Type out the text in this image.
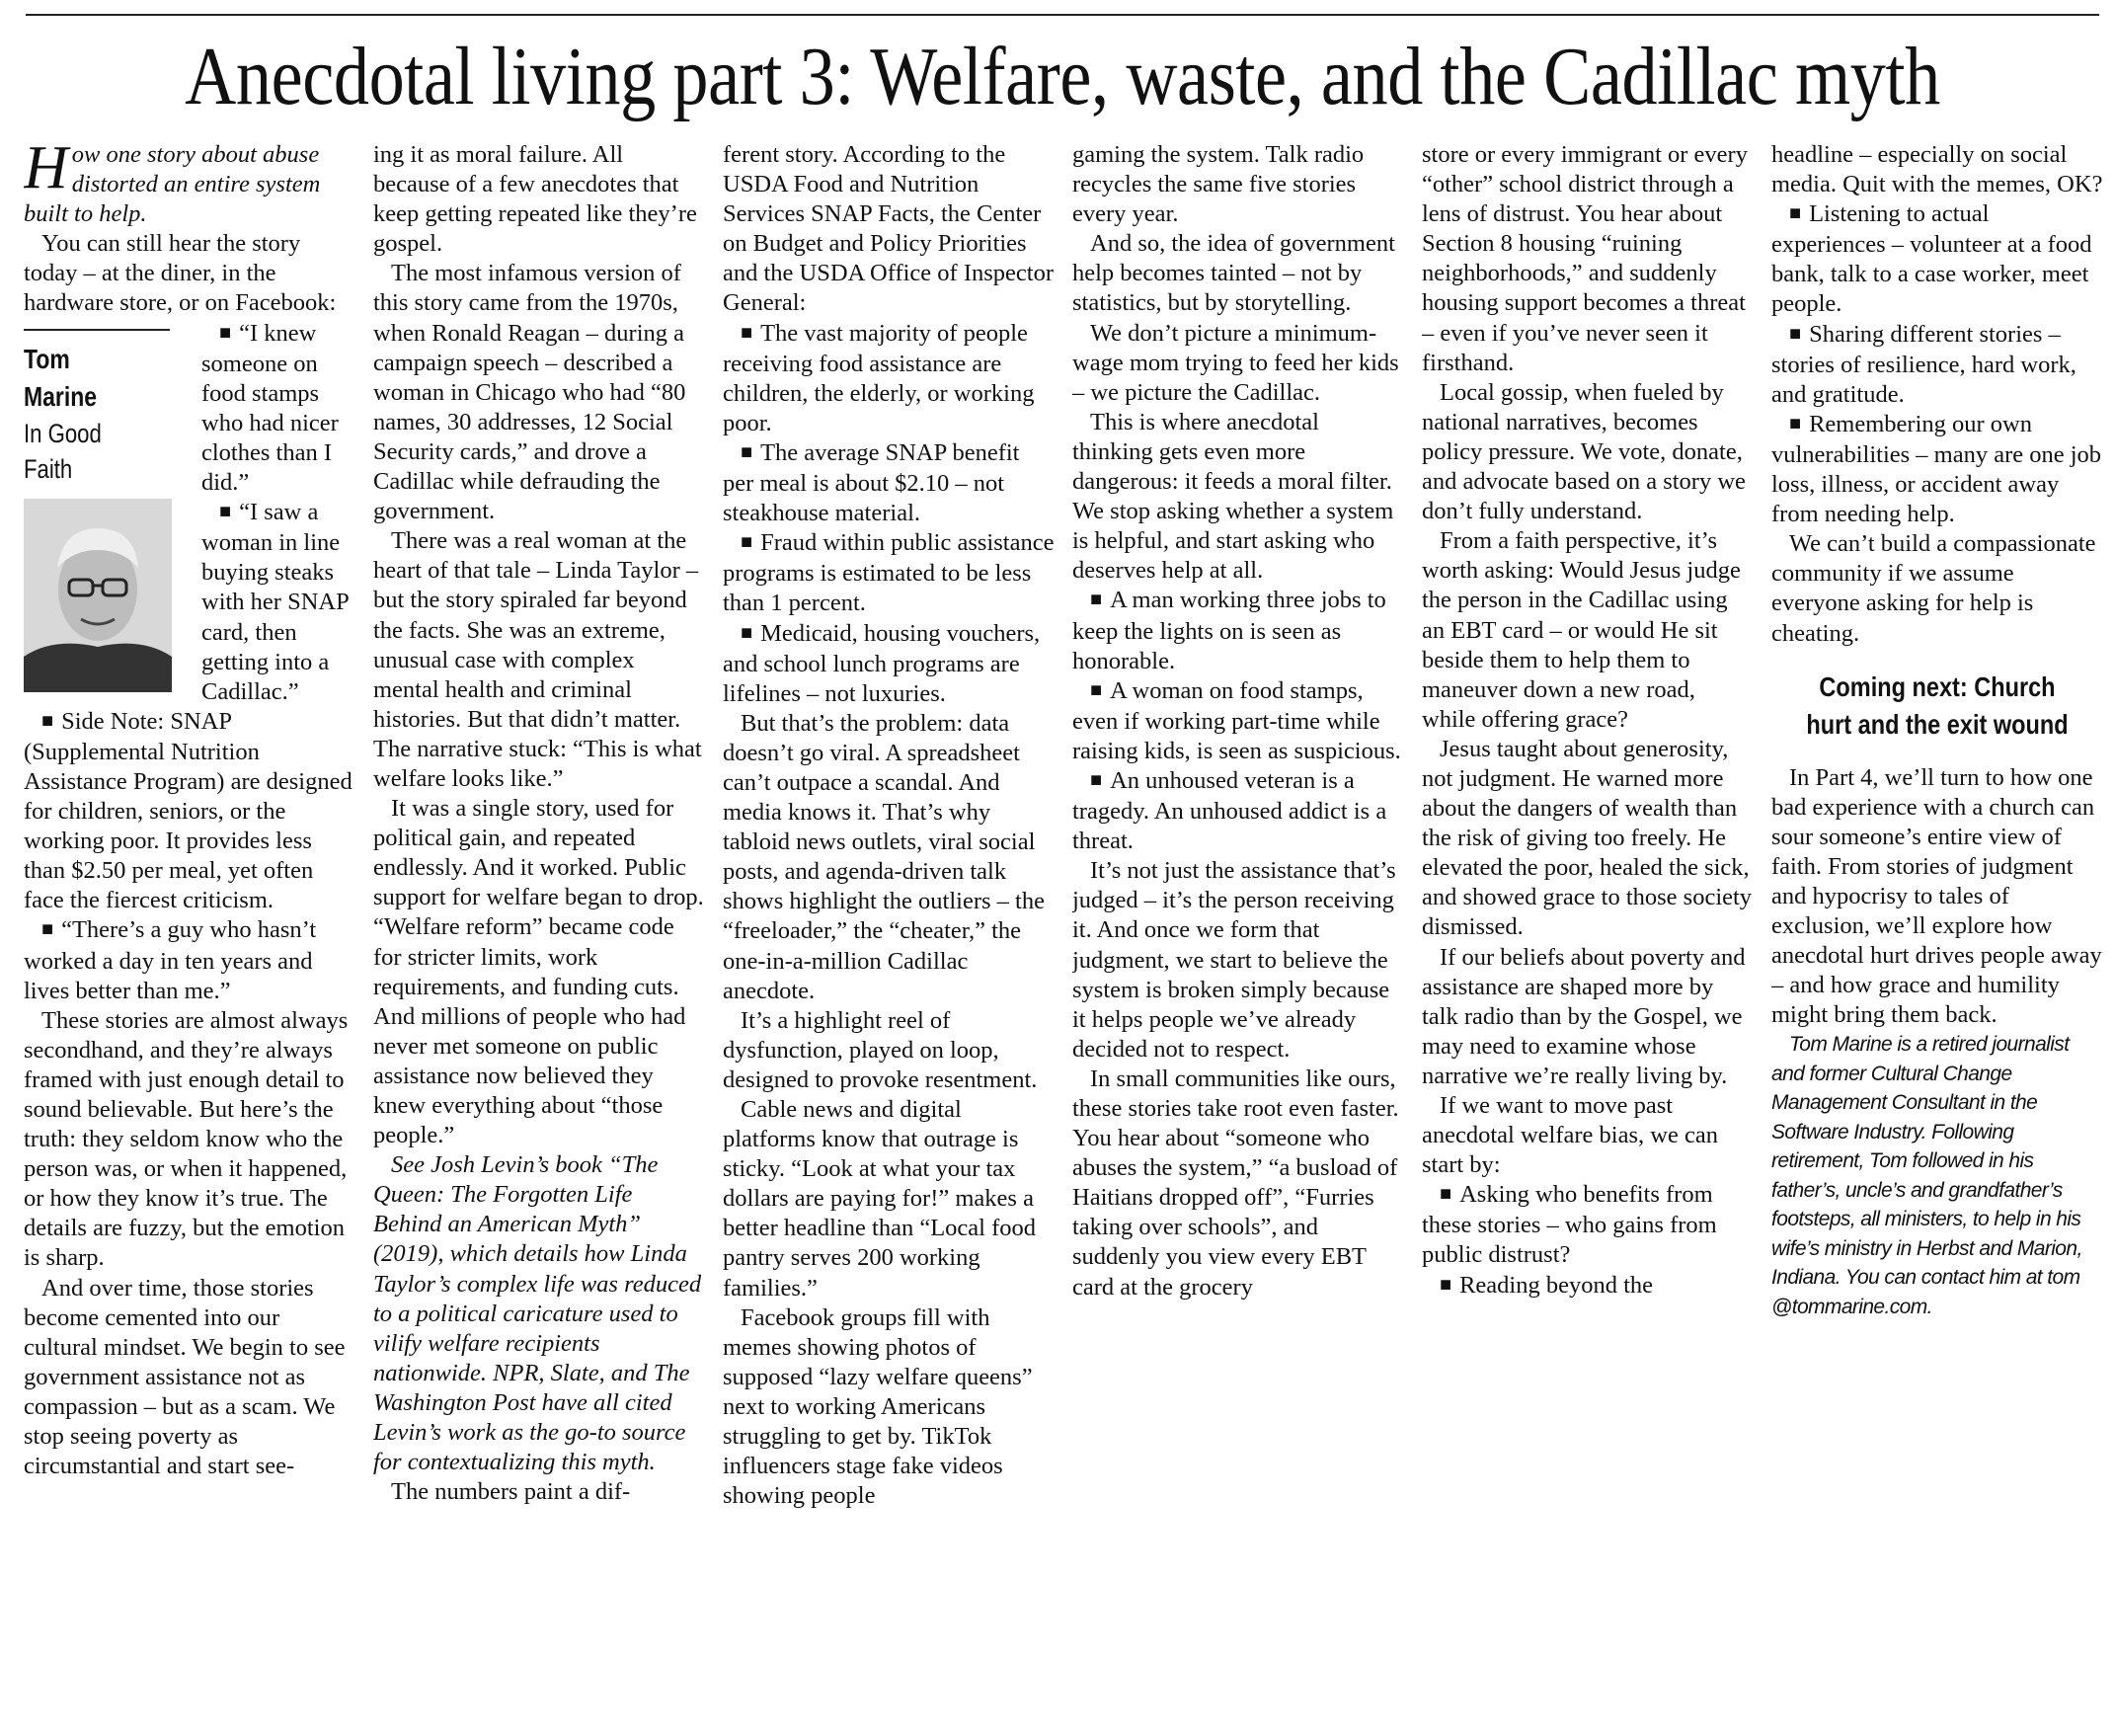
Anecdotal living part 3: Welfare, waste, and the Cadillac myth

How one story about abuse distorted an entire system built to help.

You can still hear the story today – at the diner, in the hardware store, or on Facebook:

Tom
Marine
In Good
Faith

■ “I knew someone on food stamps who had nicer clothes than I did.”

■ “I saw a woman in line buying steaks with her SNAP card, then getting into a Cadillac.”

■ Side Note: SNAP (Supplemental Nutrition Assistance Program) are designed for children, seniors, or the working poor. It provides less than $2.50 per meal, yet often face the fiercest criticism.

■ “There’s a guy who hasn’t worked a day in ten years and lives better than me.”

These stories are almost always secondhand, and they’re always framed with just enough detail to sound believable. But here’s the truth: they seldom know who the person was, or when it happened, or how they know it’s true. The details are fuzzy, but the emotion is sharp.

And over time, those stories become cemented into our cultural mindset. We begin to see government assistance not as compassion – but as a scam. We stop seeing poverty as circumstantial and start see-

ing it as moral failure. All because of a few anecdotes that keep getting repeated like they’re gospel.

The most infamous version of this story came from the 1970s, when Ronald Reagan – during a campaign speech – described a woman in Chicago who had “80 names, 30 addresses, 12 Social Security cards,” and drove a Cadillac while defrauding the government.

There was a real woman at the heart of that tale – Linda Taylor – but the story spiraled far beyond the facts. She was an extreme, unusual case with complex mental health and criminal histories. But that didn’t matter. The narrative stuck: “This is what welfare looks like.”

It was a single story, used for political gain, and repeated endlessly. And it worked. Public support for welfare began to drop. “Welfare reform” became code for stricter limits, work requirements, and funding cuts. And millions of people who had never met someone on public assistance now believed they knew everything about “those people.”

See Josh Levin’s book “The Queen: The Forgotten Life Behind an American Myth” (2019), which details how Linda Taylor’s complex life was reduced to a political caricature used to vilify welfare recipients nationwide. NPR, Slate, and The Washington Post have all cited Levin’s work as the go-to source for contextualizing this myth.

The numbers paint a dif-

ferent story. According to the USDA Food and Nutrition Services SNAP Facts, the Center on Budget and Policy Priorities and the USDA Office of Inspector General:

■ The vast majority of people receiving food assistance are children, the elderly, or working poor.

■ The average SNAP benefit per meal is about $2.10 – not steakhouse material.

■ Fraud within public assistance programs is estimated to be less than 1 percent.

■ Medicaid, housing vouchers, and school lunch programs are lifelines – not luxuries.

But that’s the problem: data doesn’t go viral. A spreadsheet can’t outpace a scandal. And media knows it. That’s why tabloid news outlets, viral social posts, and agenda-driven talk shows highlight the outliers – the “freeloader,” the “cheater,” the one-in-a-million Cadillac anecdote.

It’s a highlight reel of dysfunction, played on loop, designed to provoke resentment.

Cable news and digital platforms know that outrage is sticky. “Look at what your tax dollars are paying for!” makes a better headline than “Local food pantry serves 200 working families.”

Facebook groups fill with memes showing photos of supposed “lazy welfare queens” next to working Americans struggling to get by. TikTok influencers stage fake videos showing people

gaming the system. Talk radio recycles the same five stories every year.

And so, the idea of government help becomes tainted – not by statistics, but by storytelling.

We don’t picture a minimum-wage mom trying to feed her kids – we picture the Cadillac.

This is where anecdotal thinking gets even more dangerous: it feeds a moral filter. We stop asking whether a system is helpful, and start asking who deserves help at all.

■ A man working three jobs to keep the lights on is seen as honorable.

■ A woman on food stamps, even if working part-time while raising kids, is seen as suspicious.

■ An unhoused veteran is a tragedy. An unhoused addict is a threat.

It’s not just the assistance that’s judged – it’s the person receiving it. And once we form that judgment, we start to believe the system is broken simply because it helps people we’ve already decided not to respect.

In small communities like ours, these stories take root even faster. You hear about “someone who abuses the system,” “a busload of Haitians dropped off”, “Furries taking over schools”, and suddenly you view every EBT card at the grocery

store or every immigrant or every “other” school district through a lens of distrust. You hear about Section 8 housing “ruining neighborhoods,” and suddenly housing support becomes a threat – even if you’ve never seen it firsthand.

Local gossip, when fueled by national narratives, becomes policy pressure. We vote, donate, and advocate based on a story we don’t fully understand.

From a faith perspective, it’s worth asking: Would Jesus judge the person in the Cadillac using an EBT card – or would He sit beside them to help them to maneuver down a new road, while offering grace?

Jesus taught about generosity, not judgment. He warned more about the dangers of wealth than the risk of giving too freely. He elevated the poor, healed the sick, and showed grace to those society dismissed.

If our beliefs about poverty and assistance are shaped more by talk radio than by the Gospel, we may need to examine whose narrative we’re really living by.

If we want to move past anecdotal welfare bias, we can start by:

■ Asking who benefits from these stories – who gains from public distrust?

■ Reading beyond the

headline – especially on social media. Quit with the memes, OK?

■ Listening to actual experiences – volunteer at a food bank, talk to a case worker, meet people.

■ Sharing different stories – stories of resilience, hard work, and gratitude.

■ Remembering our own vulnerabilities – many are one job loss, illness, or accident away from needing help.

We can’t build a compassionate community if we assume everyone asking for help is cheating.

Coming next: Church
hurt and the exit wound

In Part 4, we’ll turn to how one bad experience with a church can sour someone’s entire view of faith. From stories of judgment and hypocrisy to tales of exclusion, we’ll explore how anecdotal hurt drives people away – and how grace and humility might bring them back.

Tom Marine is a retired journalist and former Cultural Change Management Consultant in the Software Industry. Following retirement, Tom followed in his father’s, uncle’s and grandfather’s footsteps, all ministers, to help in his wife’s ministry in Herbst and Marion, Indiana. You can contact him at tom @tommarine.com.
